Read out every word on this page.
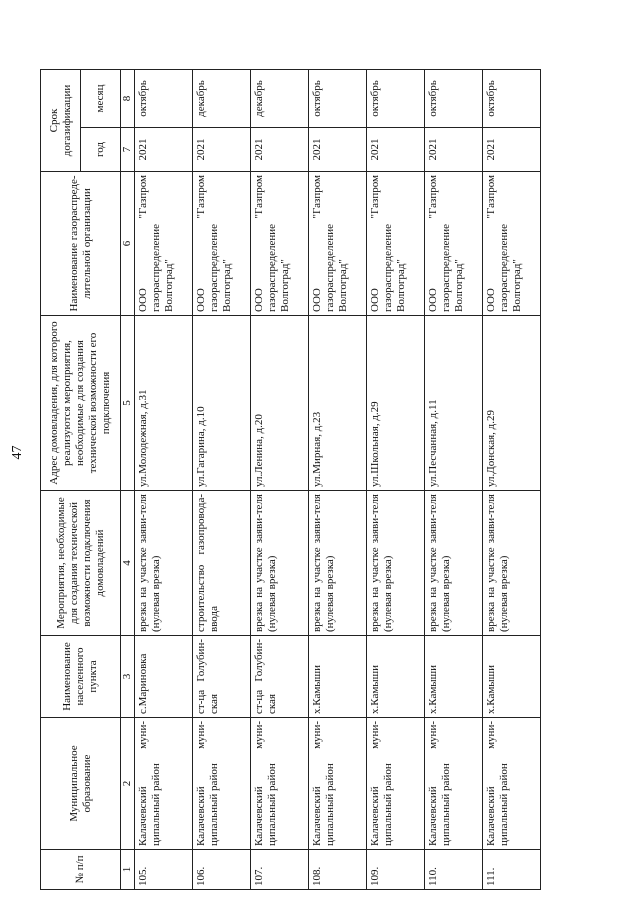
47
№ п/п	Муниципальное образование	Наименование населенного пункта	Мероприятия, необходимые для создания технической возможности подключения домовладений	Адрес домовладения, для которого реализуются мероприятия, необходимые для создания технической возможности его подключения	Наименование газораспреде-лительной организации	Срок догазификации	
						год	месяц
1	2	3	4	5	6	7	8
105.	Калачевский муни-ципальный район	с.Мариновка	врезка на участке заяви-теля (нулевая врезка)	ул.Молодежная, д.31	ООО "Газпром газораспределение Волгоград"	2021	октябрь
106.	Калачевский муни-ципальный район	ст-ца Голубин-ская	строительство газопровода-ввода	ул.Гагарина, д.10	ООО "Газпром газораспределение Волгоград"	2021	декабрь
107.	Калачевский муни-ципальный район	ст-ца Голубин-ская	врезка на участке заяви-теля (нулевая врезка)	ул.Ленина, д.20	ООО "Газпром газораспределение Волгоград"	2021	декабрь
108.	Калачевский муни-ципальный район	х.Камыши	врезка на участке заяви-теля (нулевая врезка)	ул.Мирная, д.23	ООО "Газпром газораспределение Волгоград"	2021	октябрь
109.	Калачевский муни-ципальный район	х.Камыши	врезка на участке заяви-теля (нулевая врезка)	ул.Школьная, д.29	ООО "Газпром газораспределение Волгоград"	2021	октябрь
110.	Калачевский муни-ципальный район	х.Камыши	врезка на участке заяви-теля (нулевая врезка)	ул.Песчанная, д.11	ООО "Газпром газораспределение Волгоград"	2021	октябрь
111.	Калачевский муни-ципальный район	х.Камыши	врезка на участке заяви-теля (нулевая врезка)	ул.Донская, д.29	ООО "Газпром газораспределение Волгоград"	2021	октябрь
